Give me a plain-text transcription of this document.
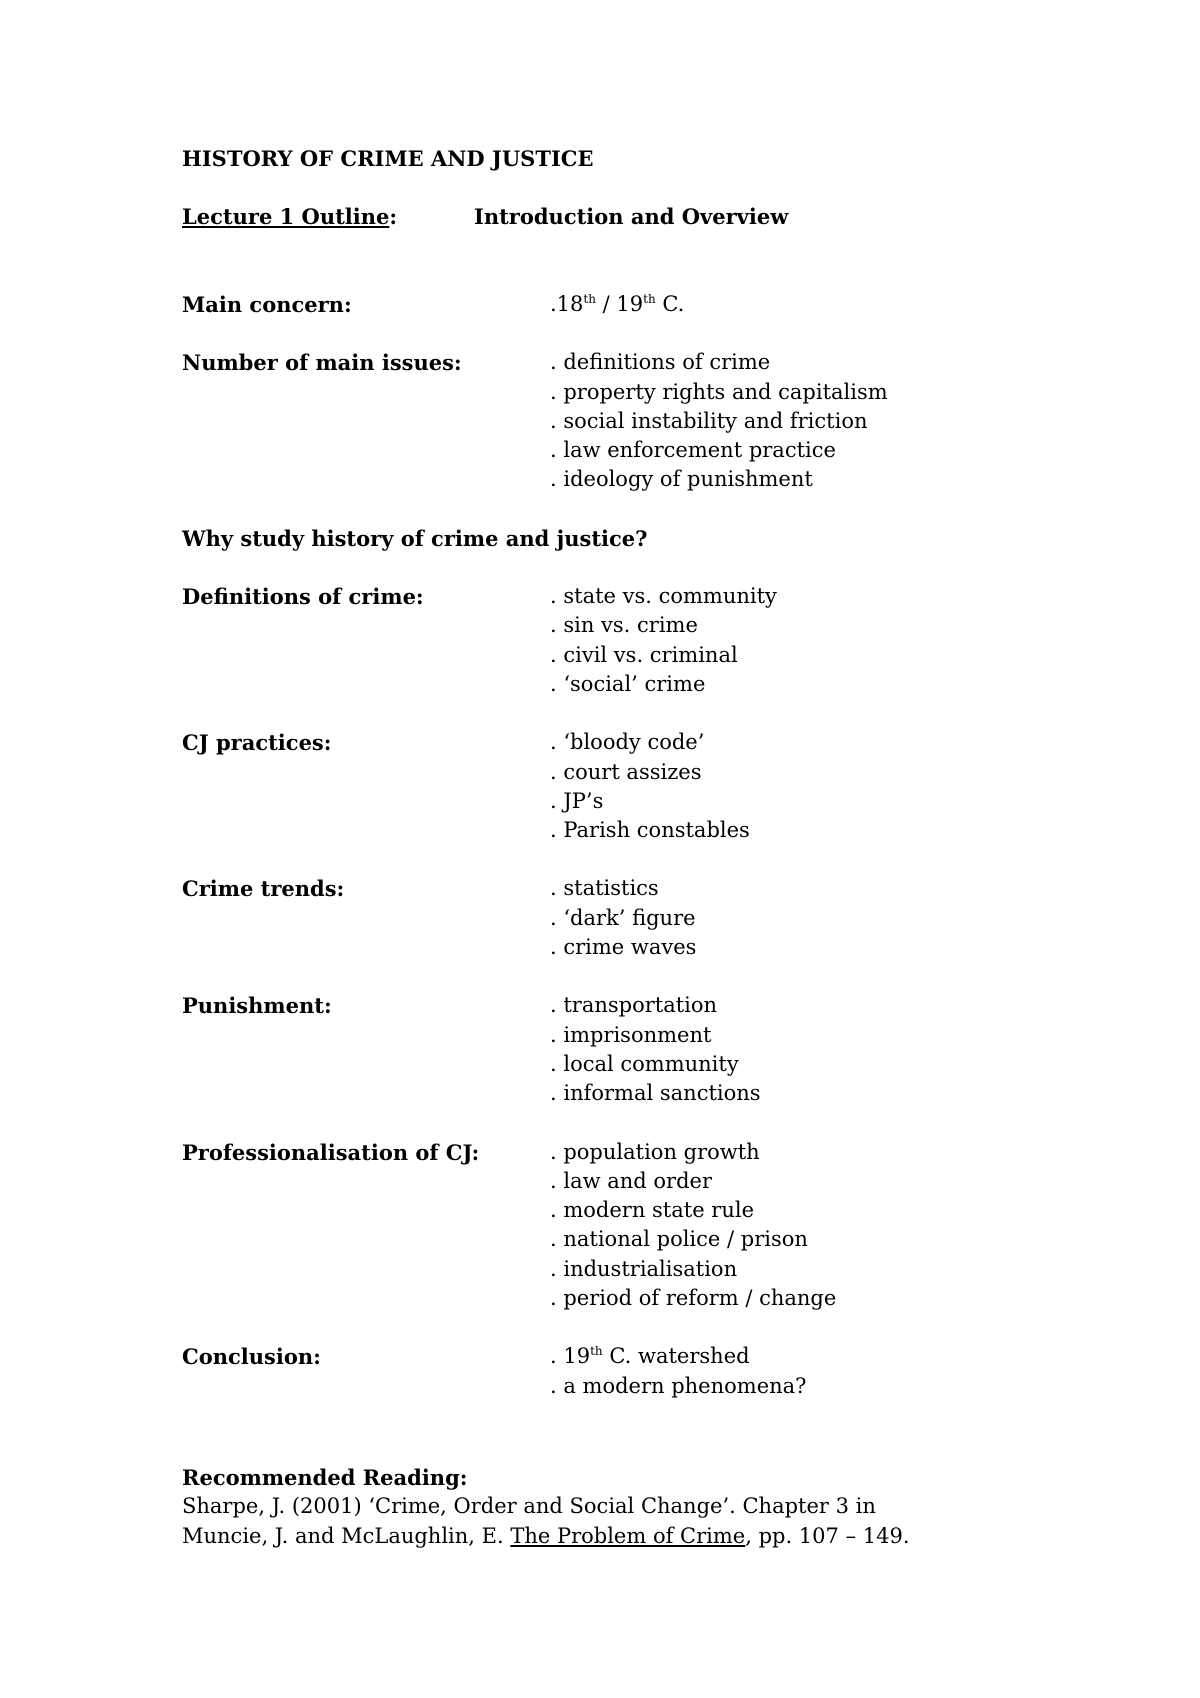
HISTORY OF CRIME AND JUSTICE
Lecture 1 Outline:	Introduction and Overview
Main concern:	.18th / 19th C.
Number of main issues:	. definitions of crime
. property rights and capitalism
. social instability and friction
. law enforcement practice
. ideology of punishment
Why study history of crime and justice?
Definitions of crime:	. state vs. community
. sin vs. crime
. civil vs. criminal
. ‘social’ crime
CJ practices:	. ‘bloody code’
. court assizes
. JP’s
. Parish constables
Crime trends:	. statistics
. ‘dark’ figure
. crime waves
Punishment:	. transportation
. imprisonment
. local community
. informal sanctions
Professionalisation of CJ:	. population growth
. law and order
. modern state rule
. national police / prison
. industrialisation
. period of reform / change
Conclusion:	. 19th C. watershed
. a modern phenomena?
Recommended Reading:
Sharpe, J. (2001) ‘Crime, Order and Social Change’. Chapter 3 in
Muncie, J. and McLaughlin, E. The Problem of Crime, pp. 107 – 149.
